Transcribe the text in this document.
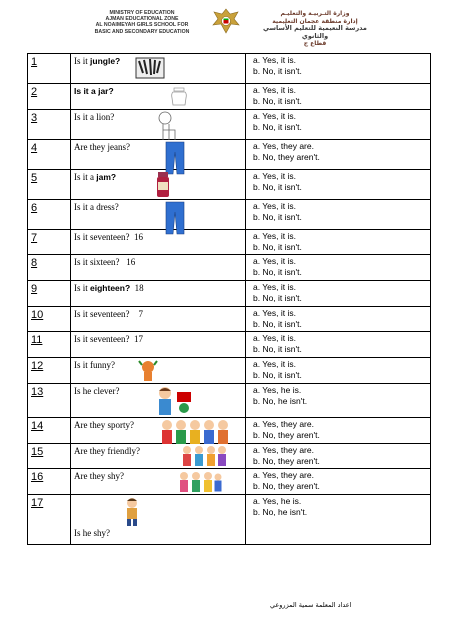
MINISTRY OF EDUCATION
AJMAN EDUCATIONAL ZONE
AL NOAIMEYAH GIRLS SCHOOL FOR
BASIC AND SECONDARY EDUCATION
وزارة التـربيـة والتعليـم
إدارة منطقة عجمان التعليمية
مدرسة النعيمية للتعليم الأساسي والثانوي
قطاع ج
1	Is it jungle?	a. Yes, it is.
b. No, it isn't.

2	Is it a jar?	a. Yes, it is.
b. No, it isn't.

3	Is it a lion?	a. Yes, it is.
b. No, it isn't.

4	Are they jeans?	a. Yes, they are.
b. No, they aren't.

5	Is it a jam?	a. Yes, it is.
b. No, it isn't.

6	Is it a dress?	a. Yes, it is.
b. No, it isn't.

7	Is it seventeen?  16	a. Yes, it is.
b. No, it isn't.

8	Is it sixteen?   16	a. Yes, it is.
b. No, it isn't.

9	Is it eighteen?  18	a. Yes, it is.
b. No, it isn't.

10	Is it seventeen?    7	a. Yes, it is.
b. No, it isn't.

11	Is it seventeen?  17	a. Yes, it is.
b. No, it isn't.

12	Is it funny?	a. Yes, it is.
b. No, it isn't.

13	Is he clever?	a. Yes, he is.
b. No, he isn't.

14	Are they sporty?	a. Yes, they are.
b. No, they aren't.

15	Are they friendly?	a. Yes, they are.
b. No, they aren't.

16	Are they shy?	a. Yes, they are.
b. No, they aren't.

17	Is he shy?	a. Yes, he is.
b. No, he isn't.
اعداد المعلمة سمية المزروعي
